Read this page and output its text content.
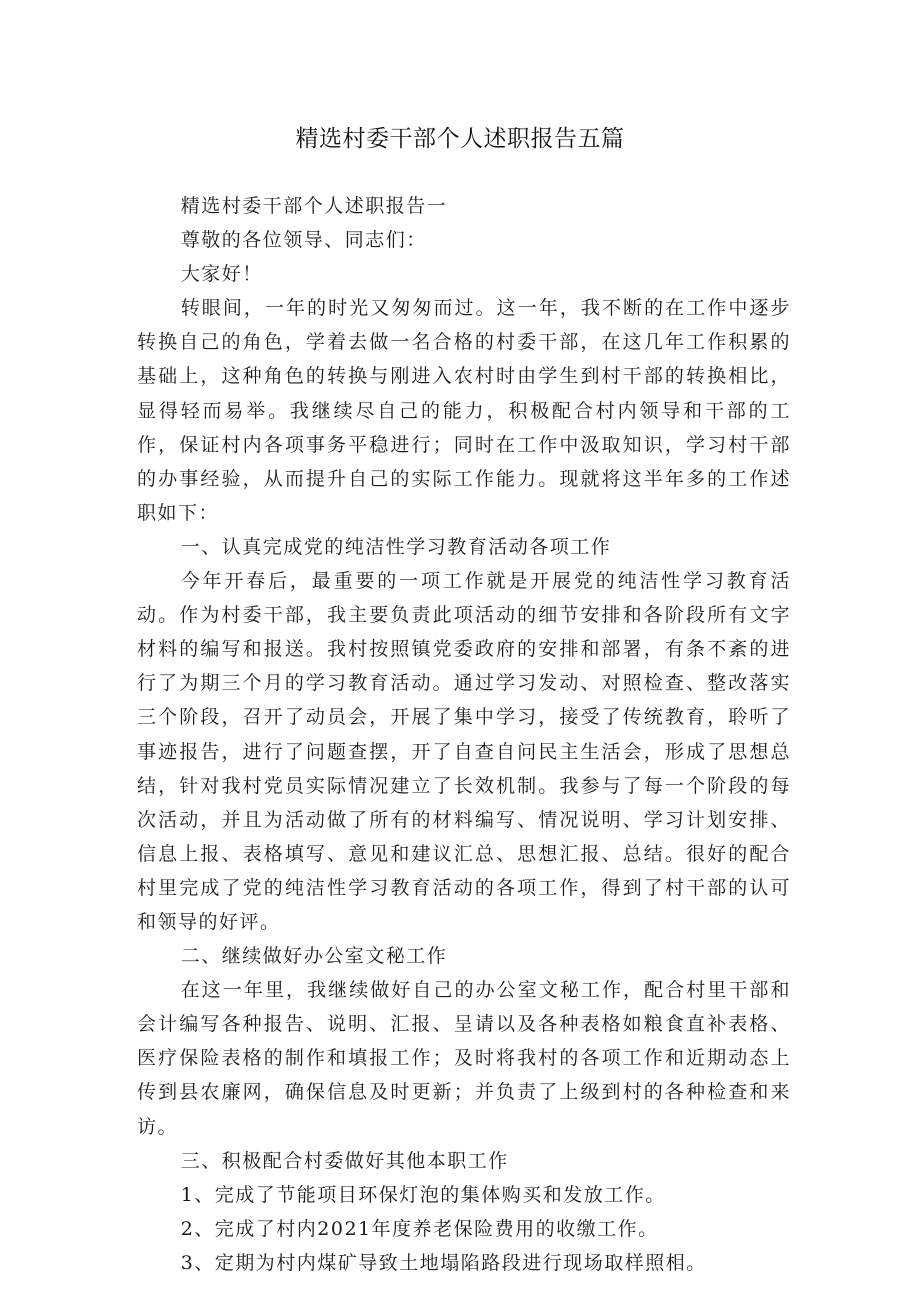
精选村委干部个人述职报告五篇

精选村委干部个人述职报告一

尊敬的各位领导、同志们：

大家好！

转眼间，一年的时光又匆匆而过。这一年，我不断的在工作中逐步转换自己的角色，学着去做一名合格的村委干部，在这几年工作积累的基础上，这种角色的转换与刚进入农村时由学生到村干部的转换相比，显得轻而易举。我继续尽自己的能力，积极配合村内领导和干部的工作，保证村内各项事务平稳进行；同时在工作中汲取知识，学习村干部的办事经验，从而提升自己的实际工作能力。现就将这半年多的工作述职如下：

一、认真完成党的纯洁性学习教育活动各项工作

今年开春后，最重要的一项工作就是开展党的纯洁性学习教育活动。作为村委干部，我主要负责此项活动的细节安排和各阶段所有文字材料的编写和报送。我村按照镇党委政府的安排和部署，有条不紊的进行了为期三个月的学习教育活动。通过学习发动、对照检查、整改落实三个阶段，召开了动员会，开展了集中学习，接受了传统教育，聆听了事迹报告，进行了问题查摆，开了自查自问民主生活会，形成了思想总结，针对我村党员实际情况建立了长效机制。我参与了每一个阶段的每次活动，并且为活动做了所有的材料编写、情况说明、学习计划安排、信息上报、表格填写、意见和建议汇总、思想汇报、总结。很好的配合村里完成了党的纯洁性学习教育活动的各项工作，得到了村干部的认可和领导的好评。

二、继续做好办公室文秘工作

在这一年里，我继续做好自己的办公室文秘工作，配合村里干部和会计编写各种报告、说明、汇报、呈请以及各种表格如粮食直补表格、医疗保险表格的制作和填报工作；及时将我村的各项工作和近期动态上传到县农廉网，确保信息及时更新；并负责了上级到村的各种检查和来访。

三、积极配合村委做好其他本职工作

1、完成了节能项目环保灯泡的集体购买和发放工作。

2、完成了村内2021年度养老保险费用的收缴工作。

3、定期为村内煤矿导致土地塌陷路段进行现场取样照相。
